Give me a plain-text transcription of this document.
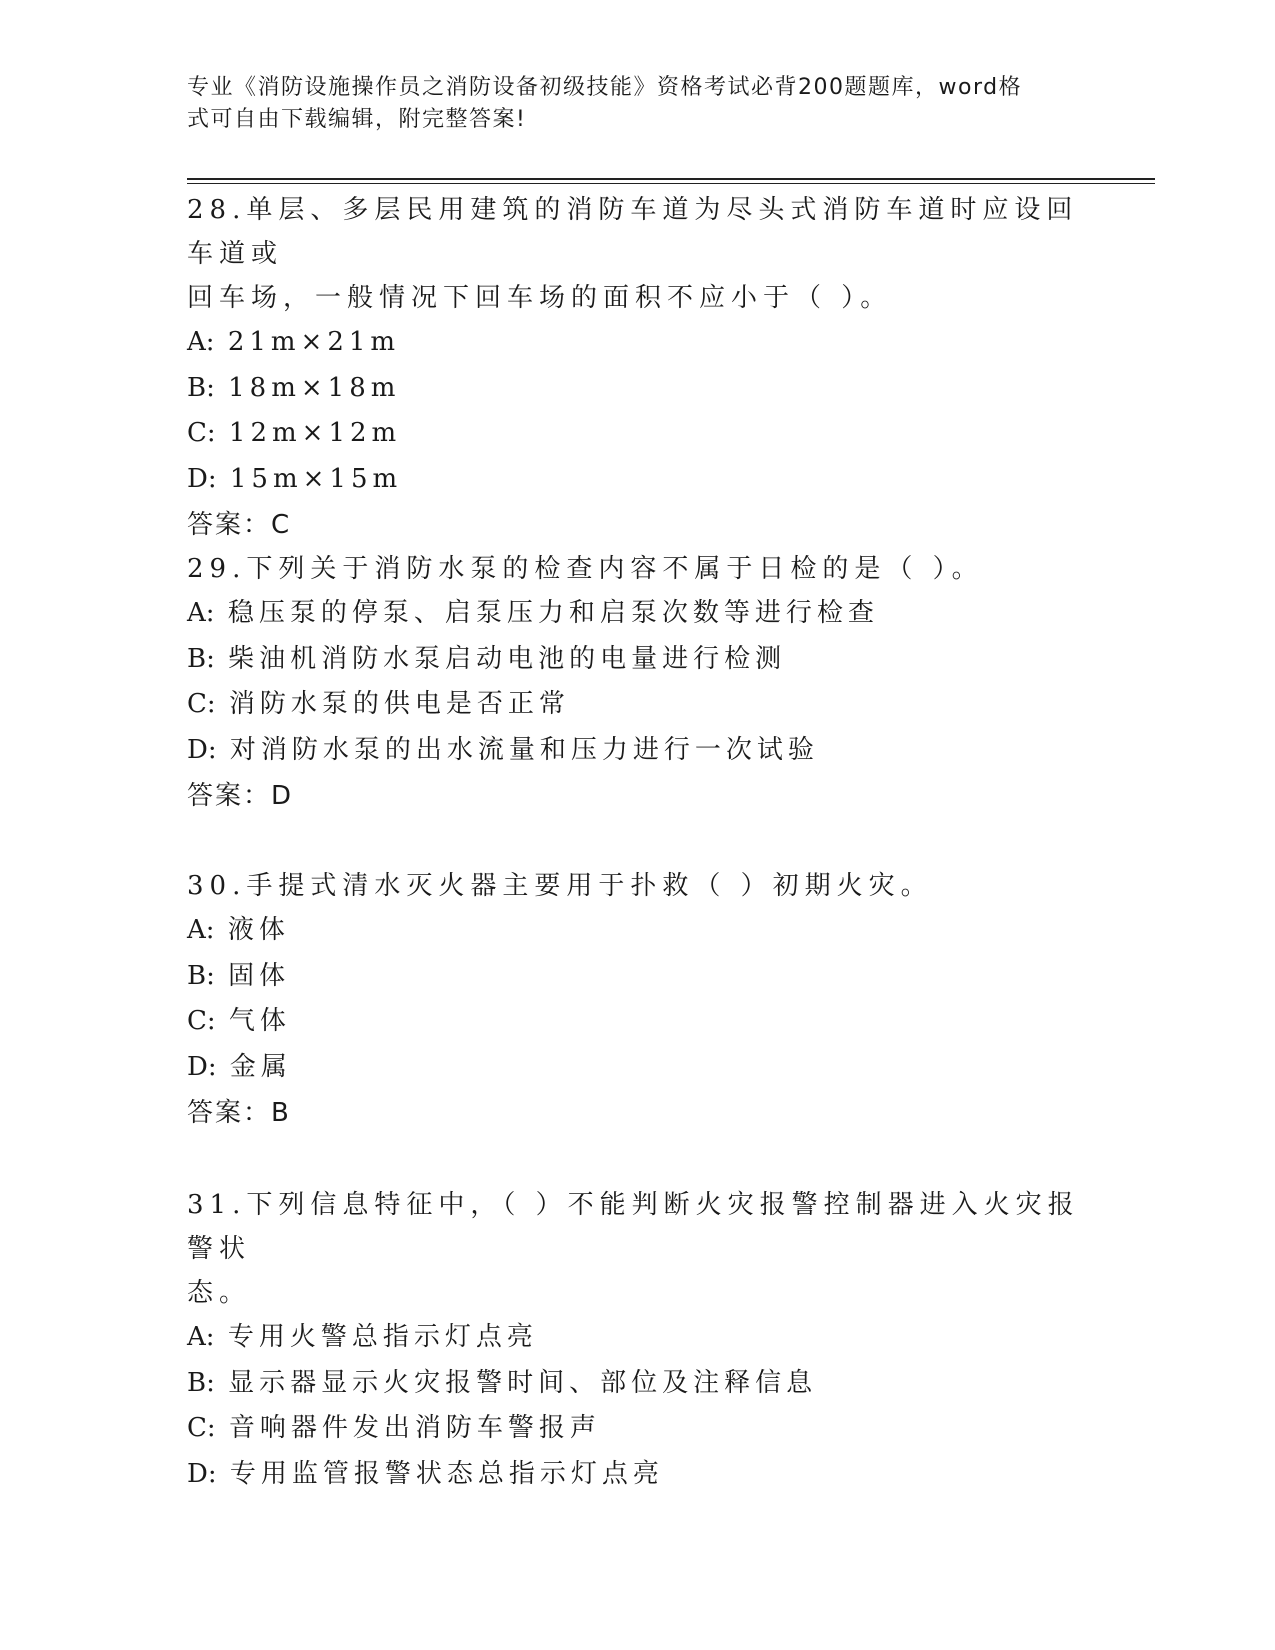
专业《消防设施操作员之消防设备初级技能》资格考试必背200题题库，word格
式可自由下载编辑，附完整答案!

28.单层、多层民用建筑的消防车道为尽头式消防车道时应设回车道或

回车场，一般情况下回车场的面积不应小于（ ）。

A: 21m×21m

B: 18m×18m

C: 12m×12m

D: 15m×15m

答案：C

29.下列关于消防水泵的检查内容不属于日检的是（ ）。

A: 稳压泵的停泵、启泵压力和启泵次数等进行检查

B: 柴油机消防水泵启动电池的电量进行检测

C: 消防水泵的供电是否正常

D: 对消防水泵的出水流量和压力进行一次试验

答案：D

30.手提式清水灭火器主要用于扑救（ ）初期火灾。

A: 液体

B: 固体

C: 气体

D: 金属

答案：B

31.下列信息特征中，（ ）不能判断火灾报警控制器进入火灾报警状

态。

A: 专用火警总指示灯点亮

B: 显示器显示火灾报警时间、部位及注释信息

C: 音响器件发出消防车警报声

D: 专用监管报警状态总指示灯点亮
